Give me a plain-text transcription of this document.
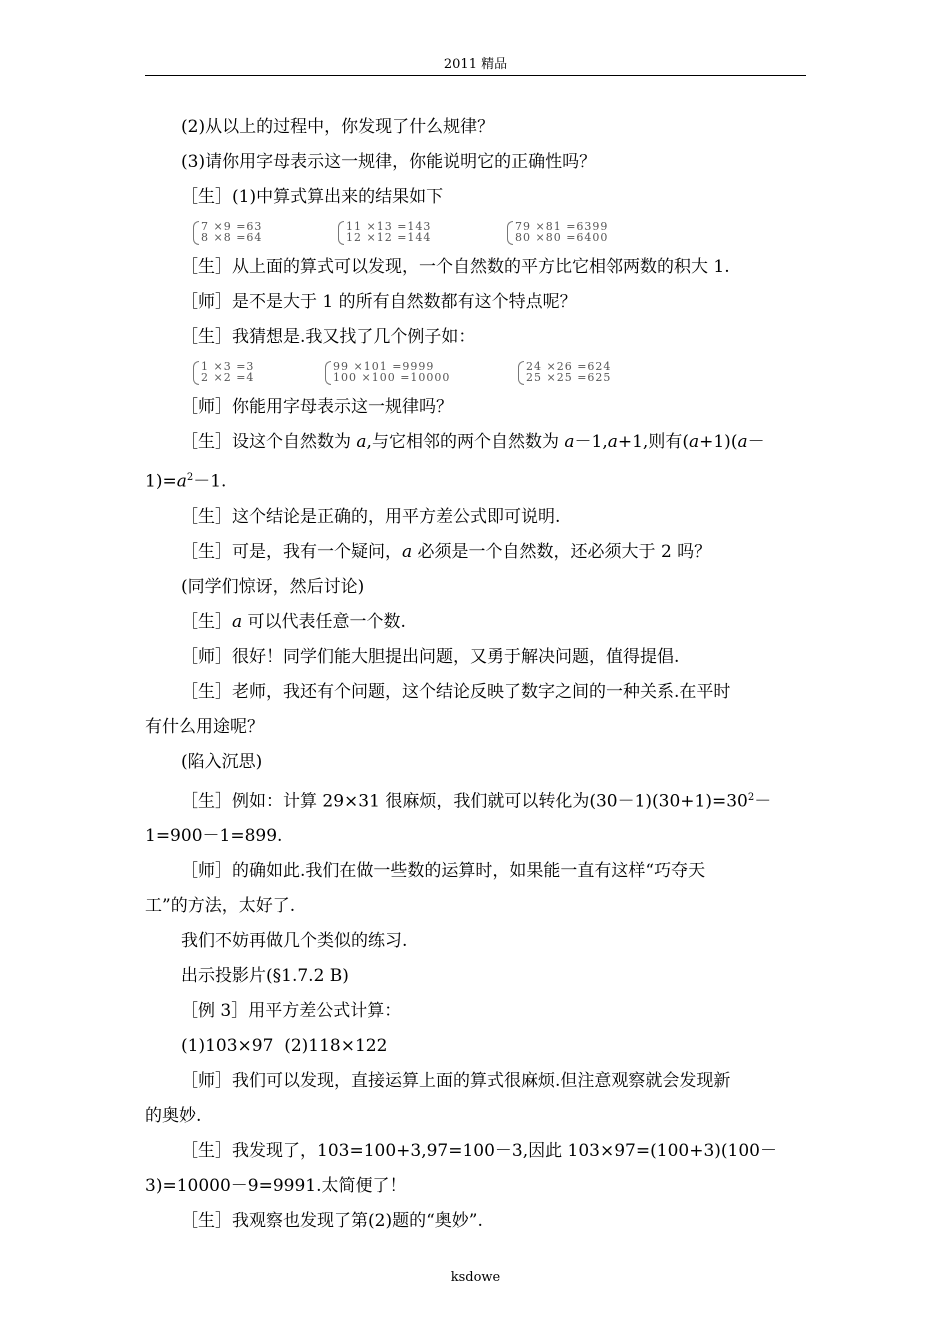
2011 精品

(2)从以上的过程中，你发现了什么规律？

(3)请你用字母表示这一规律，你能说明它的正确性吗？

［生］(1)中算式算出来的结果如下

7 ×9 =63
8 ×8 =64
11 ×13 =143
12 ×12 =144
79 ×81 =6399
80 ×80 =6400

［生］从上面的算式可以发现，一个自然数的平方比它相邻两数的积大 1.

［师］是不是大于 1 的所有自然数都有这个特点呢？

［生］我猜想是.我又找了几个例子如：

1 ×3 =3
2 ×2 =4
99 ×101 =9999
100 ×100 =10000
24 ×26 =624
25 ×25 =625

［师］你能用字母表示这一规律吗？

［生］设这个自然数为 a,与它相邻的两个自然数为 a－1,a+1,则有(a+1)(a－

$1)=a^2-1$.

［生］这个结论是正确的，用平方差公式即可说明.

［生］可是，我有一个疑问，a 必须是一个自然数，还必须大于 2 吗？

(同学们惊讶，然后讨论)

［生］a 可以代表任意一个数.

［师］很好！同学们能大胆提出问题，又勇于解决问题，值得提倡.

［生］老师，我还有个问题，这个结论反映了数字之间的一种关系.在平时

有什么用途呢？

(陷入沉思)

［生］例如：计算 29×31 很麻烦，我们就可以转化为$(30-1)(30+1)=30^2-$

1=900－1=899.

［师］的确如此.我们在做一些数的运算时，如果能一直有这样“巧夺天

工”的方法，太好了.

我们不妨再做几个类似的练习.

出示投影片(§1.7.2 B)

［例 3］用平方差公式计算：

(1)103×97  (2)118×122

［师］我们可以发现，直接运算上面的算式很麻烦.但注意观察就会发现新

的奥妙.

［生］我发现了，103=100+3,97=100－3,因此 103×97=(100+3)(100－

3)=10000－9=9991.太简便了！

［生］我观察也发现了第(2)题的“奥妙”.

ksdowe
